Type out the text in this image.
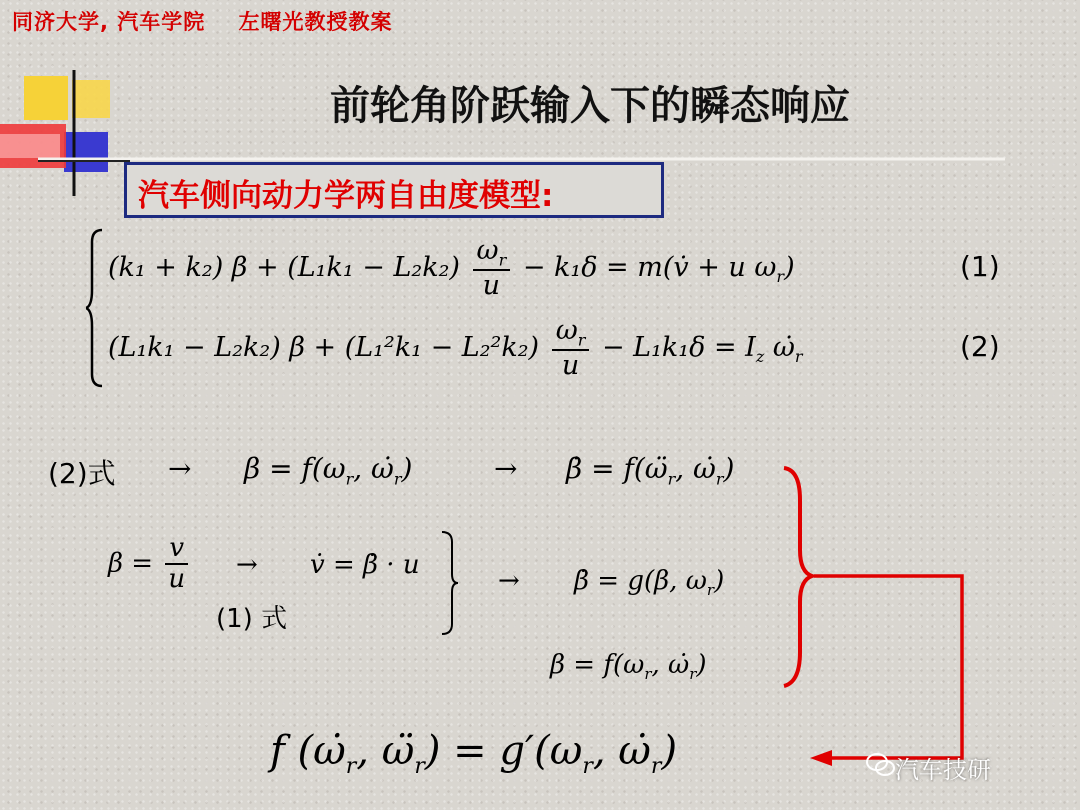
同济大学, 汽车学院    左曙光教授教案
前轮角阶跃输入下的瞬态响应
汽车侧向动力学两自由度模型:
(k₁ + k₂) $\beta + (L_1k_1 - L_2k_2) \frac{\omega_r}{u} - k_1\delta$ = m(v̇ + u $\omega_r$)	(1)
(L₁k₁ − L₂k₂) $\beta + (L_1^2k_1 - L_2^2k_2) \frac{\omega_r}{u} - L_1k_1\delta = I_z$ $\omegȧ_r$	(2)
(2)式 → $\beta = f(\omega_r$, $\omegȧ_r$)	→ β̇ = $f(\omegä_r$, $\omegȧ_r$)
$\beta = \frac{v}{u}$ → v̇ = β̇ · u
(1) 式
→ β̇ = g(β, $\omega_r$)
$\beta = f(\omega_r$, $\omegȧ_r$)
f ($\omegȧ_r$, $\omegä_r) = g'(\omega_r$, $\omegȧ_r$)	汽车技研
